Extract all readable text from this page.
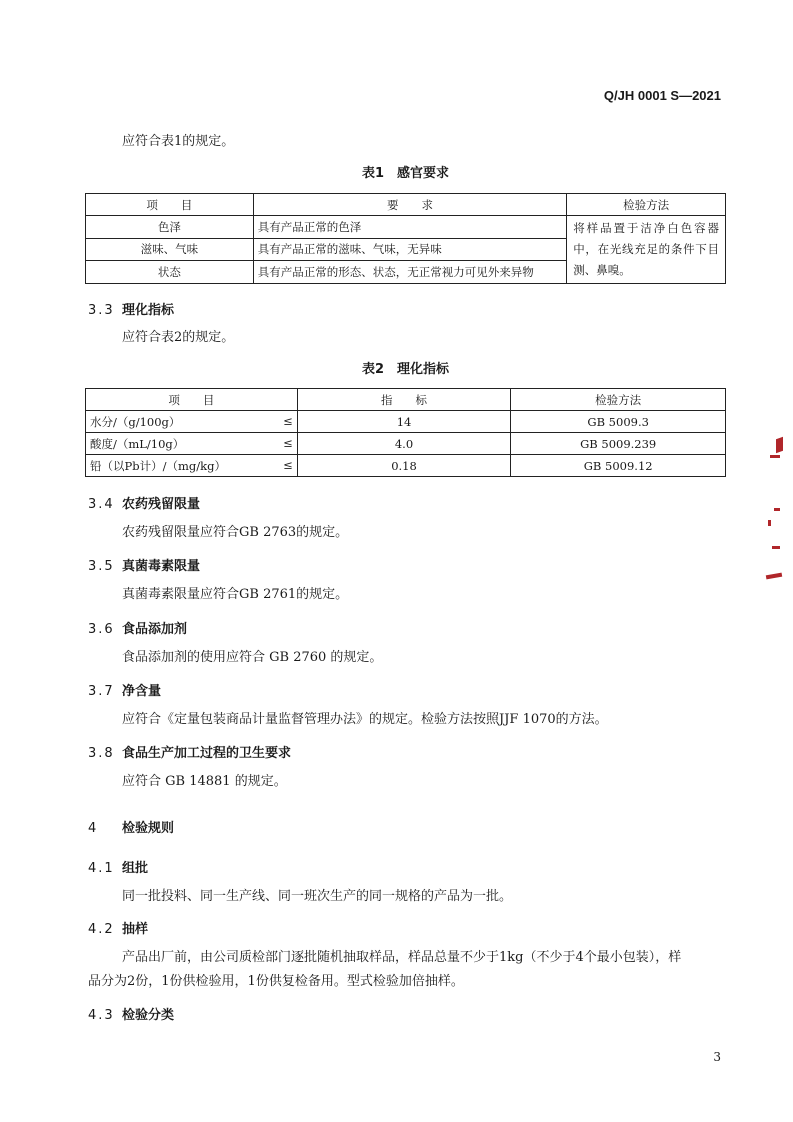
Q/JH 0001 S—2021
应符合表1的规定。
表1　感官要求
项　　目	要　　求	检验方法
色泽	具有产品正常的色泽	将样品置于洁净白色容器中，在光线充足的条件下目测、鼻嗅。
滋味、气味	具有产品正常的滋味、气味，无异味	
状态	具有产品正常的形态、状态，无正常视力可见外来异物	
3.3 理化指标
应符合表2的规定。
表2　理化指标
项　　目	指　　标	检验方法
水分/（g/100g） ≤	14	GB 5009.3
酸度/（mL/10g） ≤	4.0	GB 5009.239
铅（以Pb计）/（mg/kg） ≤	0.18	GB 5009.12
3.4 农药残留限量
农药残留限量应符合GB 2763的规定。
3.5 真菌毒素限量
真菌毒素限量应符合GB 2761的规定。
3.6 食品添加剂
食品添加剂的使用应符合 GB 2760 的规定。
3.7 净含量
应符合《定量包装商品计量监督管理办法》的规定。检验方法按照JJF 1070的方法。
3.8 食品生产加工过程的卫生要求
应符合 GB 14881 的规定。
4 检验规则
4.1 组批
同一批投料、同一生产线、同一班次生产的同一规格的产品为一批。
4.2 抽样
产品出厂前，由公司质检部门逐批随机抽取样品，样品总量不少于1kg（不少于4个最小包装），样
品分为2份，1份供检验用，1份供复检备用。型式检验加倍抽样。
4.3 检验分类
3
